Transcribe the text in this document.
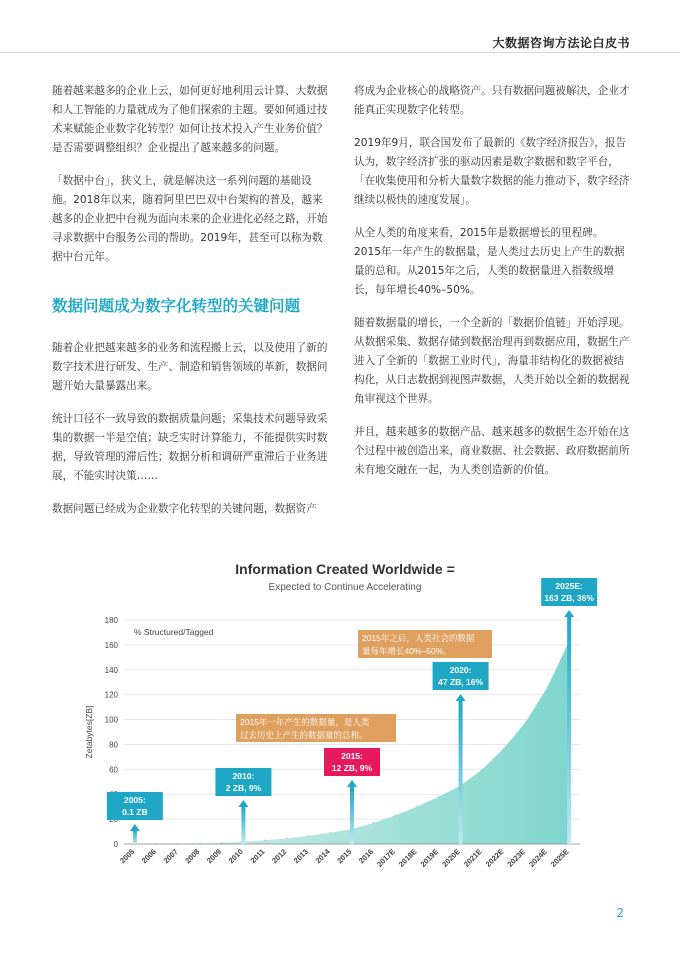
大数据咨询方法论白皮书

随着越来越多的企业上云，如何更好地利用云计算、大数据和人工智能的力量就成为了他们探索的主题。要如何通过技术来赋能企业数字化转型？如何让技术投入产生业务价值？是否需要调整组织？企业提出了越来越多的问题。

「数据中台」，狭义上，就是解决这一系列问题的基础设施。2018年以来，随着阿里巴巴双中台架构的普及，越来越多的企业把中台视为面向未来的企业进化必经之路，开始寻求数据中台服务公司的帮助。2019年，甚至可以称为数据中台元年。

数据问题成为数字化转型的关键问题

随着企业把越来越多的业务和流程搬上云，以及使用了新的数字技术进行研发、生产、制造和销售领域的革新，数据问题开始大量暴露出来。

统计口径不一致导致的数据质量问题；采集技术问题导致采集的数据一半是空值；缺乏实时计算能力，不能提供实时数据，导致管理的滞后性；数据分析和调研严重滞后于业务进展，不能实时决策……

数据问题已经成为企业数字化转型的关键问题，数据资产

将成为企业核心的战略资产。只有数据问题被解决，企业才能真正实现数字化转型。

2019年9月，联合国发布了最新的《数字经济报告》，报告认为，数字经济扩张的驱动因素是数字数据和数字平台，「在收集使用和分析大量数字数据的能力推动下，数字经济继续以极快的速度发展」。

从全人类的角度来看，2015年是数据增长的里程碑。2015年一年产生的数据量，是人类过去历史上产生的数据量的总和。从2015年之后，人类的数据量进入指数级增长，每年增长40%–50%。

随着数据量的增长，一个全新的「数据价值链」开始浮现。从数据采集、数据存储到数据治理再到数据应用，数据生产进入了全新的「数据工业时代」，海量非结构化的数据被结构化，从日志数据到视图声数据，人类开始以全新的数据视角审视这个世界。

并且，越来越多的数据产品、越来越多的数据生态开始在这个过程中被创造出来，商业数据、社会数据、政府数据前所未有地交融在一起，为人类创造新的价值。

Information Created Worldwide =
Expected to Continue Accelerating
0
60
80
100
120
140
160
180
Zetabytes[ZB]
% Structured/Tagged
2005 2006 2007 2008 2009 2010 2011 2012 2013 2014 2015 2016 2017E 2018E 2019E 2020E 2021E 2022E 2023E 2024E 2025E
2005:
0.1 ZB
2010:
2 ZB, 9%
2015:
12 ZB, 9%
2020:
47 ZB, 16%
2025E:
163 ZB, 36%
2015年一年产生的数据量，是人类
过去历史上产生的数据量的总和。
2015年之后，人类社会的数据
量每年增长40%–50%。
2
